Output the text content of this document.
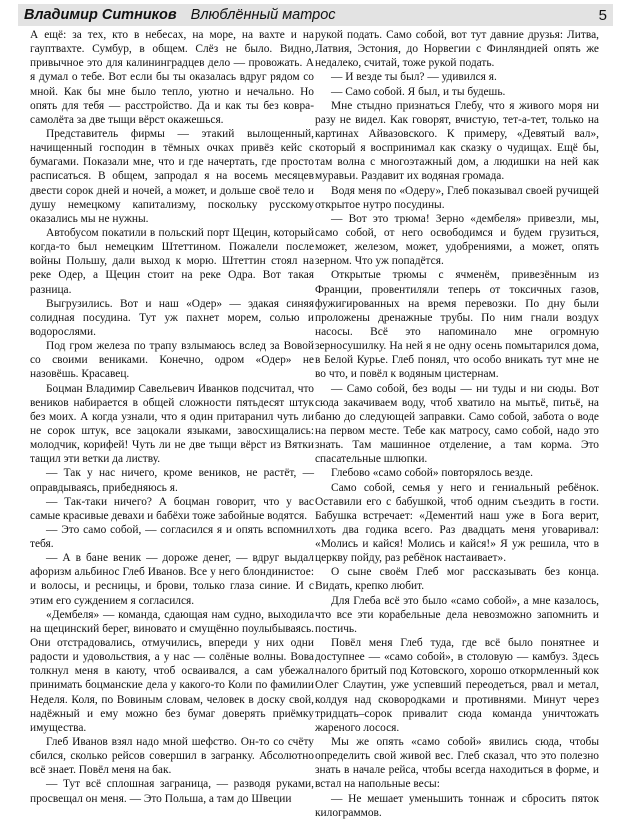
Владимир Ситников Влюблённый матрос	5

А ещё: за тех, кто в небесах, на море, на вахте и на гауптвахте. Сумбур, в общем. Слёз не было. Видно, привычное это для калининградцев дело — провожать. А я думал о тебе. Вот если бы ты оказалась вдруг рядом со мной. Как бы мне было тепло, уютно и нечально. Но опять для тебя — расстройство. Да и как ты без ковра-самолёта за две тыщи вёрст окажешься.

Представитель фирмы — этакий вылощенный, начищенный господин в тёмных очках привёз кейс с бумагами. Показали мне, что и где начертать, где просто расписаться. В общем, запродал я на восемь месяцев двести сорок дней и ночей, а может, и дольше своё тело и душу немецкому капитализму, поскольку русскому оказались мы не нужны.

Автобусом покатили в польский порт Щецин, который когда-то был немецким Штеттином. Пожалели после войны Польшу, дали выход к морю. Штеттин стоял на реке Одер, а Щецин стоит на реке Одра. Вот такая разница.

Выгрузились. Вот и наш «Одер» — эдакая синяя солидная посудина. Тут уж пахнет морем, солью и водорослями.

Под гром железа по трапу взлымаюсь вслед за Вовой со своими вениками. Конечно, одром «Одер» не назовёшь. Красавец.

Боцман Владимир Савельевич Иванков подсчитал, что веников набирается в общей сложности пятьдесят штук без моих. А когда узнали, что я один притаранил чуть ли не сорок штук, все зацокали языками, завосхищались: молодчик, корифей! Чуть ли не две тыщи вёрст из Вятки тащил эти ветки да листву.

— Так у нас ничего, кроме веников, не растёт, — оправдываясь, прибедняюсь я.

— Так-таки ничего? А боцман говорит, что у вас самые красивые девахи и бабёхи тоже забойные водятся.

— Это само собой, — согласился я и опять вспомнил тебя.

— А в бане веник — дороже денег, — вдруг выдал афоризм альбинос Глеб Иванов. Все у него блондинистое: и волосы, и ресницы, и брови, только глаза синие. И с этим его суждением я согласился.

«Дембеля» — команда, сдающая нам судно, выходила на щецинский берег, виновато и смущённо поулыбываясь. Они отстрадовались, отмучились, впереди у них одни радости и удовольствия, а у нас — солёные волны. Вова толкнул меня в каюту, чтоб осваивался, а сам убежал принимать боцманские дела у какого-то Коли по фамилии Неделя. Коля, по Вовиным словам, человек в доску свой, надёжный и ему можно без бумаг доверять приёмку имущества.

Глеб Иванов взял надо мной шефство. Он-то со счёту сбился, сколько рейсов совершил в загранку. Абсолютно всё знает. Повёл меня на бак.

— Тут всё сплошная заграница, — разводя руками, просвещал он меня. — Это Польша, а там до Швеции

рукой подать. Само собой, вот тут давние друзья: Литва, Латвия, Эстония, до Норвегии с Финляндией опять же недалеко, считай, тоже рукой подать.

— И везде ты был? — удивился я.

— Само собой. Я был, и ты будешь.

Мне стыдно признаться Глебу, что я живого моря ни разу не видел. Как говорят, вчистую, тет-а-тет, только на картинах Айвазовского. К примеру, «Девятый вал», который я воспринимал как сказку о чудищах. Ещё бы, там волна с многоэтажный дом, а людишки на ней как муравьи. Раздавит их водяная громада.

Водя меня по «Одеру», Глеб показывал своей ручищей открытое нутро посудины.

— Вот это трюма! Зерно «дембеля» привезли, мы, само собой, от него освободимся и будем грузиться, может, железом, может, удобрениями, а может, опять зерном. Что уж попадётся.

Открытые трюмы с ячменём, привезённым из Франции, провентиляли теперь от токсичных газов, фужигированных на время перевозки. По дну были проложены дренажные трубы. По ним гнали воздух насосы. Всё это напоминало мне огромную зерносушилку. На ней я не одну осень помытарился дома, в Белой Курье. Глеб понял, что особо вникать тут мне не во что, и повёл к водяным цистернам.

— Само собой, без воды — ни туды и ни сюды. Вот сюда закачиваем воду, чтоб хватило на мытьё, питьё, на баню до следующей заправки. Само собой, забота о воде на первом месте. Тебе как матросу, само собой, надо это знать. Там машинное отделение, а там корма. Это спасательные шлюпки.

Глебово «само собой» повторялось везде.

Само собой, семья у него и гениальный ребёнок. Оставили его с бабушкой, чтоб одним съездить в гости. Бабушка встречает: «Дементий наш уже в Бога верит, хоть два годика всего. Раз двадцать меня уговаривал: «Молись и кайся! Молись и кайся!» Я уж решила, что в церкву пойду, раз ребёнок настаивает».

О сыне своём Глеб мог рассказывать без конца. Видать, крепко любит.

Для Глеба всё это было «само собой», а мне казалось, что все эти корабельные дела невозможно запомнить и постичь.

Повёл меня Глеб туда, где всё было понятнее и доступнее — «само собой», в столовую — камбуз. Здесь налого бритый под Котовского, хорошо откормленный кок Олег Слаутин, уже успевший переодеться, рвал и метал, колдуя над сковородками и противнями. Минут через тридцать–сорок привалит сюда команда уничтожать жареного лосося.

Мы же опять «само собой» явились сюда, чтобы определить свой живой вес. Глеб сказал, что это полезно знать в начале рейса, чтобы всегда находиться в форме, и встал на напольные весы:

— Не мешает уменьшить тоннаж и сбросить пяток килограммов.
